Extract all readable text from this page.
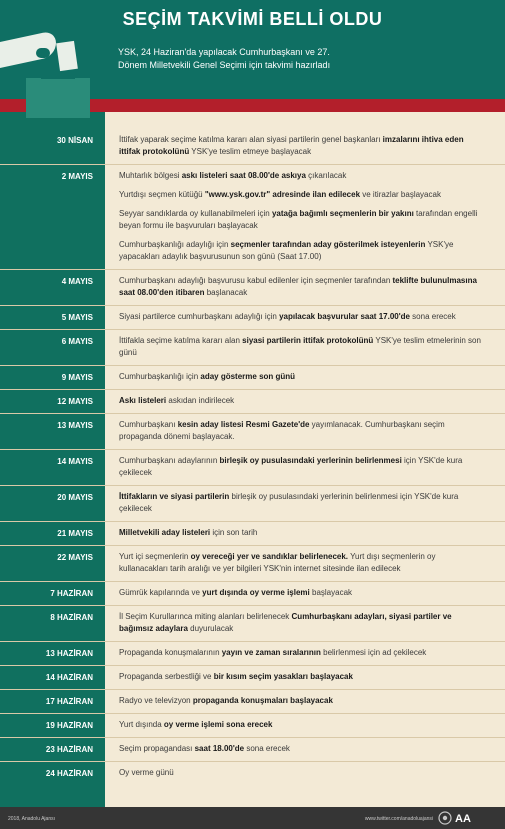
SEÇİM TAKVİMİ BELLİ OLDU
YSK, 24 Haziran'da yapılacak Cumhurbaşkanı ve 27. Dönem Milletvekili Genel Seçimi için takvimi hazırladı
30 NİSAN	İttifak yaparak seçime katılma kararı alan siyasi partilerin genel başkanları imzalarını ihtiva eden ittifak protokolünü YSK'ye teslim etmeye başlayacak
2 MAYIS	Muhtarlık bölgesi askı listeleri saat 08.00'de askıya çıkarılacak
Yurtdışı seçmen kütüğü "www.ysk.gov.tr" adresinde ilan edilecek ve itirazlar başlayacak
Seyyar sandıklarda oy kullanabilmeleri için yatağa bağımlı seçmenlerin bir yakını tarafından engelli beyan formu ile başvuruları başlayacak
Cumhurbaşkanlığı adaylığı için seçmenler tarafından aday gösterilmek isteyenlerin YSK'ye yapacakları adaylık başvurusunun son günü (Saat 17.00)
4 MAYIS	Cumhurbaşkanı adaylığı başvurusu kabul edilenler için seçmenler tarafından teklifte bulunulmasına saat 08.00'den itibaren başlanacak
5 MAYIS	Siyasi partilerce cumhurbaşkanı adaylığı için yapılacak başvurular saat 17.00'de sona erecek
6 MAYIS	İttifakla seçime katılma kararı alan siyasi partilerin ittifak protokolünü YSK'ye teslim etmelerinin son günü
9 MAYIS	Cumhurbaşkanlığı için aday gösterme son günü
12 MAYIS	Askı listeleri askıdan indirilecek
13 MAYIS	Cumhurbaşkanı kesin aday listesi Resmi Gazete'de yayımlanacak. Cumhurbaşkanı seçim propaganda dönemi başlayacak.
14 MAYIS	Cumhurbaşkanı adaylarının birleşik oy pusulasındaki yerlerinin belirlenmesi için YSK'de kura çekilecek
20 MAYIS	İttifakların ve siyasi partilerin birleşik oy pusulasındaki yerlerinin belirlenmesi için YSK'de kura çekilecek
21 MAYIS	Milletvekili aday listeleri için son tarih
22 MAYIS	Yurt içi seçmenlerin oy vereceği yer ve sandıklar belirlenecek. Yurt dışı seçmenlerin oy kullanacakları tarih aralığı ve yer bilgileri YSK'nin internet sitesinde ilan edilecek
7 HAZİRAN	Gümrük kapılarında ve yurt dışında oy verme işlemi başlayacak
8 HAZİRAN	İl Seçim Kurullarınca miting alanları belirlenecek Cumhurbaşkanı adayları, siyasi partiler ve bağımsız adaylara duyurulacak
13 HAZİRAN	Propaganda konuşmalarının yayın ve zaman sıralarının belirlenmesi için ad çekilecek
14 HAZİRAN	Propaganda serbestliği ve bir kısım seçim yasakları başlayacak
17 HAZİRAN	Radyo ve televizyon propaganda konuşmaları başlayacak
19 HAZİRAN	Yurt dışında oy verme işlemi sona erecek
23 HAZİRAN	Seçim propagandası saat 18.00'de sona erecek
24 HAZİRAN	Oy verme günü
2018, Anadolu Ajansı	www.twitter.com/anadoluajansi AA
